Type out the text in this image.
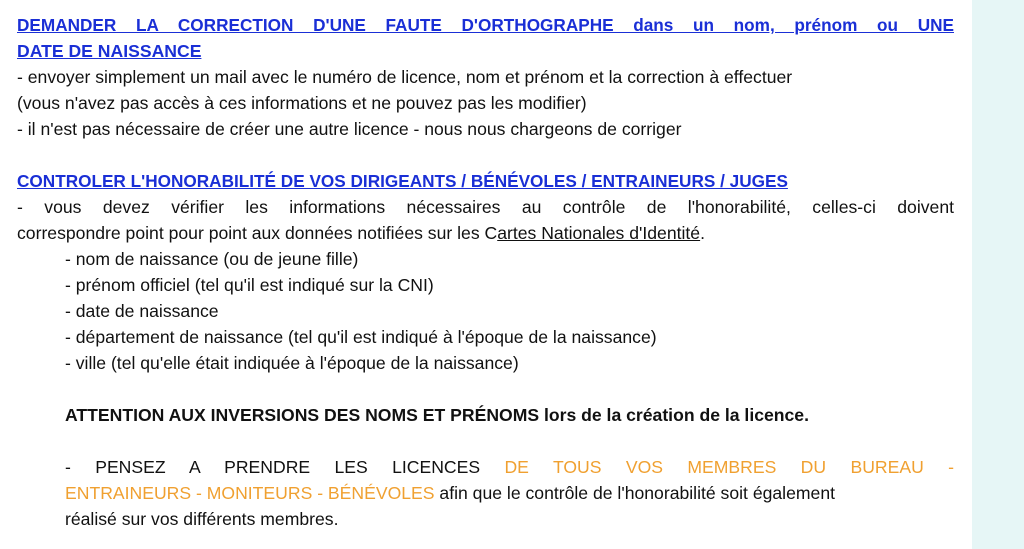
DEMANDER LA CORRECTION D'UNE FAUTE D'ORTHOGRAPHE dans un nom, prénom ou UNE
DATE DE NAISSANCE
- envoyer simplement un mail avec le numéro de licence, nom et prénom et la correction à effectuer
(vous n'avez pas accès à ces informations et ne pouvez pas les modifier)
- il n'est pas nécessaire de créer une autre licence - nous nous chargeons de corriger
CONTROLER L'HONORABILITÉ DE VOS DIRIGEANTS / BÉNÉVOLES / ENTRAINEURS / JUGES
- vous devez vérifier les informations nécessaires au contrôle de l'honorabilité, celles-ci doivent
correspondre point pour point aux données notifiées sur les Cartes Nationales d'Identité.
- nom de naissance (ou de jeune fille)
- prénom officiel (tel qu'il est indiqué sur la CNI)
- date de naissance
- département de naissance (tel qu'il est indiqué à l'époque de la naissance)
- ville (tel qu'elle était indiquée à l'époque de la naissance)
ATTENTION AUX INVERSIONS DES NOMS ET PRÉNOMS lors de la création de la licence.
- PENSEZ A PRENDRE LES LICENCES DE TOUS VOS MEMBRES DU BUREAU -
ENTRAINEURS - MONITEURS - BÉNÉVOLES afin que le contrôle de l'honorabilité soit également
réalisé sur vos différents membres.
